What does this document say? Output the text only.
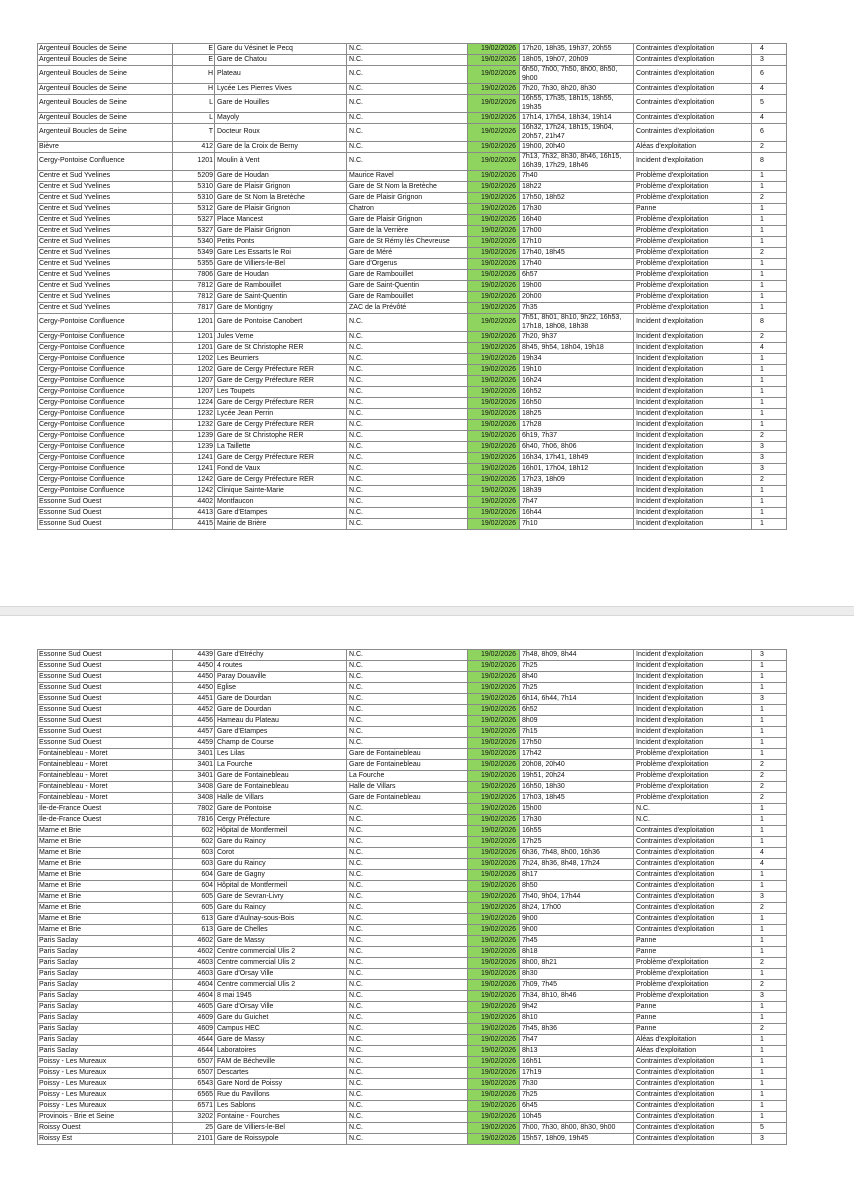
Argenteuil Boucles de Seine	E	Gare du Vésinet le Pecq	N.C.	19/02/2026	17h20, 18h35, 19h37, 20h55	Contraintes d'exploitation	4
Argenteuil Boucles de Seine	E	Gare de Chatou	N.C.	19/02/2026	18h05, 19h07, 20h09	Contraintes d'exploitation	3
Argenteuil Boucles de Seine	H	Plateau	N.C.	19/02/2026	6h50, 7h00, 7h50, 8h00, 8h50, 9h00	Contraintes d'exploitation	6
Argenteuil Boucles de Seine	H	Lycée Les Pierres Vives	N.C.	19/02/2026	7h20, 7h30, 8h20, 8h30	Contraintes d'exploitation	4
Argenteuil Boucles de Seine	L	Gare de Houilles	N.C.	19/02/2026	16h55, 17h35, 18h15, 18h55, 19h35	Contraintes d'exploitation	5
Argenteuil Boucles de Seine	L	Mayoly	N.C.	19/02/2026	17h14, 17h54, 18h34, 19h14	Contraintes d'exploitation	4
Argenteuil Boucles de Seine	T	Docteur Roux	N.C.	19/02/2026	16h32, 17h24, 18h15, 19h04, 20h57, 21h47	Contraintes d'exploitation	6
Bièvre	412	Gare de la Croix de Berny	N.C.	19/02/2026	19h00, 20h40	Aléas d'exploitation	2
Cergy-Pontoise Confluence	1201	Moulin à Vent	N.C.	19/02/2026	7h13, 7h32, 8h30, 8h46, 16h15, 16h39, 17h29, 18h46	Incident d'exploitation	8
Centre et Sud Yvelines	5209	Gare de Houdan	Maurice Ravel	19/02/2026	7h40	Problème d'exploitation	1
Centre et Sud Yvelines	5310	Gare de Plaisir Grignon	Gare de St Nom la Bretèche	19/02/2026	18h22	Problème d'exploitation	1
Centre et Sud Yvelines	5310	Gare de St Nom la Bretèche	Gare de Plaisir Grignon	19/02/2026	17h50, 18h52	Problème d'exploitation	2
Centre et Sud Yvelines	5312	Gare de Plaisir Grignon	Chatron	19/02/2026	17h30	Panne	1
Centre et Sud Yvelines	5327	Place Mancest	Gare de Plaisir Grignon	19/02/2026	16h40	Problème d'exploitation	1
Centre et Sud Yvelines	5327	Gare de Plaisir Grignon	Gare de la Verrière	19/02/2026	17h00	Problème d'exploitation	1
Centre et Sud Yvelines	5340	Petits Ponts	Gare de St Rémy lès Chevreuse	19/02/2026	17h10	Problème d'exploitation	1
Centre et Sud Yvelines	5349	Gare Les Essarts le Roi	Gare de Méré	19/02/2026	17h40, 18h45	Problème d'exploitation	2
Centre et Sud Yvelines	5355	Gare de Villiers-le-Bel	Gare d'Orgerus	19/02/2026	17h40	Problème d'exploitation	1
Centre et Sud Yvelines	7806	Gare de Houdan	Gare de Rambouillet	19/02/2026	6h57	Problème d'exploitation	1
Centre et Sud Yvelines	7812	Gare de Rambouillet	Gare de Saint-Quentin	19/02/2026	19h00	Problème d'exploitation	1
Centre et Sud Yvelines	7812	Gare de Saint-Quentin	Gare de Rambouillet	19/02/2026	20h00	Problème d'exploitation	1
Centre et Sud Yvelines	7817	Gare de Montigny	ZAC de la Prévôté	19/02/2026	7h35	Problème d'exploitation	1
Cergy-Pontoise Confluence	1201	Gare de Pontoise Canobert	N.C.	19/02/2026	7h51, 8h01, 8h10, 9h22, 16h53, 17h18, 18h08, 18h38	Incident d'exploitation	8
Cergy-Pontoise Confluence	1201	Jules Verne	N.C.	19/02/2026	7h20, 9h37	Incident d'exploitation	2
Cergy-Pontoise Confluence	1201	Gare de St Christophe RER	N.C.	19/02/2026	8h45, 9h54, 18h04, 19h18	Incident d'exploitation	4
Cergy-Pontoise Confluence	1202	Les Beurriers	N.C.	19/02/2026	19h34	Incident d'exploitation	1
Cergy-Pontoise Confluence	1202	Gare de Cergy Préfecture RER	N.C.	19/02/2026	19h10	Incident d'exploitation	1
Cergy-Pontoise Confluence	1207	Gare de Cergy Préfecture RER	N.C.	19/02/2026	16h24	Incident d'exploitation	1
Cergy-Pontoise Confluence	1207	Les Toupets	N.C.	19/02/2026	16h52	Incident d'exploitation	1
Cergy-Pontoise Confluence	1224	Gare de Cergy Préfecture RER	N.C.	19/02/2026	16h50	Incident d'exploitation	1
Cergy-Pontoise Confluence	1232	Lycée Jean Perrin	N.C.	19/02/2026	18h25	Incident d'exploitation	1
Cergy-Pontoise Confluence	1232	Gare de Cergy Préfecture RER	N.C.	19/02/2026	17h28	Incident d'exploitation	1
Cergy-Pontoise Confluence	1239	Gare de St Christophe RER	N.C.	19/02/2026	6h19, 7h37	Incident d'exploitation	2
Cergy-Pontoise Confluence	1239	La Taillette	N.C.	19/02/2026	6h40, 7h06, 8h06	Incident d'exploitation	3
Cergy-Pontoise Confluence	1241	Gare de Cergy Préfecture RER	N.C.	19/02/2026	16h34, 17h41, 18h49	Incident d'exploitation	3
Cergy-Pontoise Confluence	1241	Fond de Vaux	N.C.	19/02/2026	16h01, 17h04, 18h12	Incident d'exploitation	3
Cergy-Pontoise Confluence	1242	Gare de Cergy Préfecture RER	N.C.	19/02/2026	17h23, 18h09	Incident d'exploitation	2
Cergy-Pontoise Confluence	1242	Clinique Sainte-Marie	N.C.	19/02/2026	18h39	Incident d'exploitation	1
Essonne Sud Ouest	4402	Montfaucon	N.C.	19/02/2026	7h47	Incident d'exploitation	1
Essonne Sud Ouest	4413	Gare d'Etampes	N.C.	19/02/2026	16h44	Incident d'exploitation	1
Essonne Sud Ouest	4415	Mairie de Brière	N.C.	19/02/2026	7h10	Incident d'exploitation	1
Essonne Sud Ouest	4439	Gare d'Etréchy	N.C.	19/02/2026	7h48, 8h09, 8h44	Incident d'exploitation	3
Essonne Sud Ouest	4450	4 routes	N.C.	19/02/2026	7h25	Incident d'exploitation	1
Essonne Sud Ouest	4450	Paray Douaville	N.C.	19/02/2026	8h40	Incident d'exploitation	1
Essonne Sud Ouest	4450	Eglise	N.C.	19/02/2026	7h25	Incident d'exploitation	1
Essonne Sud Ouest	4451	Gare de Dourdan	N.C.	19/02/2026	6h14, 6h44, 7h14	Incident d'exploitation	3
Essonne Sud Ouest	4452	Gare de Dourdan	N.C.	19/02/2026	6h52	Incident d'exploitation	1
Essonne Sud Ouest	4456	Hameau du Plateau	N.C.	19/02/2026	8h09	Incident d'exploitation	1
Essonne Sud Ouest	4457	Gare d'Etampes	N.C.	19/02/2026	7h15	Incident d'exploitation	1
Essonne Sud Ouest	4459	Champ de Course	N.C.	19/02/2026	17h50	Incident d'exploitation	1
Fontainebleau - Moret	3401	Les Lilas	Gare de Fontainebleau	19/02/2026	17h42	Problème d'exploitation	1
Fontainebleau - Moret	3401	La Fourche	Gare de Fontainebleau	19/02/2026	20h08, 20h40	Problème d'exploitation	2
Fontainebleau - Moret	3401	Gare de Fontainebleau	La Fourche	19/02/2026	19h51, 20h24	Problème d'exploitation	2
Fontainebleau - Moret	3408	Gare de Fontainebleau	Halle de Villars	19/02/2026	16h50, 18h30	Problème d'exploitation	2
Fontainebleau - Moret	3408	Halle de Villars	Gare de Fontainebleau	19/02/2026	17h03, 18h45	Problème d'exploitation	2
Ile-de-France Ouest	7802	Gare de Pontoise	N.C.	19/02/2026	15h00	N.C.	1
Ile-de-France Ouest	7816	Cergy Préfecture	N.C.	19/02/2026	17h30	N.C.	1
Marne et Brie	602	Hôpital de Montfermeil	N.C.	19/02/2026	16h55	Contraintes d'exploitation	1
Marne et Brie	602	Gare du Raincy	N.C.	19/02/2026	17h25	Contraintes d'exploitation	1
Marne et Brie	603	Corot	N.C.	19/02/2026	6h36, 7h48, 8h00, 16h36	Contraintes d'exploitation	4
Marne et Brie	603	Gare du Raincy	N.C.	19/02/2026	7h24, 8h36, 8h48, 17h24	Contraintes d'exploitation	4
Marne et Brie	604	Gare de Gagny	N.C.	19/02/2026	8h17	Contraintes d'exploitation	1
Marne et Brie	604	Hôpital de Montfermeil	N.C.	19/02/2026	8h50	Contraintes d'exploitation	1
Marne et Brie	605	Gare de Sevran-Livry	N.C.	19/02/2026	7h40, 9h04, 17h44	Contraintes d'exploitation	3
Marne et Brie	605	Gare du Raincy	N.C.	19/02/2026	8h24, 17h00	Contraintes d'exploitation	2
Marne et Brie	613	Gare d'Aulnay-sous-Bois	N.C.	19/02/2026	9h00	Contraintes d'exploitation	1
Marne et Brie	613	Gare de Chelles	N.C.	19/02/2026	9h00	Contraintes d'exploitation	1
Paris Saclay	4602	Gare de Massy	N.C.	19/02/2026	7h45	Panne	1
Paris Saclay	4602	Centre commercial Ulis 2	N.C.	19/02/2026	8h18	Panne	1
Paris Saclay	4603	Centre commercial Ulis 2	N.C.	19/02/2026	8h00, 8h21	Problème d'exploitation	2
Paris Saclay	4603	Gare d'Orsay Ville	N.C.	19/02/2026	8h30	Problème d'exploitation	1
Paris Saclay	4604	Centre commercial Ulis 2	N.C.	19/02/2026	7h09, 7h45	Problème d'exploitation	2
Paris Saclay	4604	8 mai 1945	N.C.	19/02/2026	7h34, 8h10, 8h46	Problème d'exploitation	3
Paris Saclay	4605	Gare d'Orsay Ville	N.C.	19/02/2026	9h42	Panne	1
Paris Saclay	4609	Gare du Guichet	N.C.	19/02/2026	8h10	Panne	1
Paris Saclay	4609	Campus HEC	N.C.	19/02/2026	7h45, 8h36	Panne	2
Paris Saclay	4644	Gare de Massy	N.C.	19/02/2026	7h47	Aléas d'exploitation	1
Paris Saclay	4644	Laboratoires	N.C.	19/02/2026	8h13	Aléas d'exploitation	1
Poissy - Les Mureaux	6507	FAM de Bécheville	N.C.	19/02/2026	16h51	Contraintes d'exploitation	1
Poissy - Les Mureaux	6507	Descartes	N.C.	19/02/2026	17h19	Contraintes d'exploitation	1
Poissy - Les Mureaux	6543	Gare Nord de Poissy	N.C.	19/02/2026	7h30	Contraintes d'exploitation	1
Poissy - Les Mureaux	6565	Rue du Pavillons	N.C.	19/02/2026	7h25	Contraintes d'exploitation	1
Poissy - Les Mureaux	6571	Les Sablons	N.C.	19/02/2026	6h45	Contraintes d'exploitation	1
Provinois - Brie et Seine	3202	Fontaine - Fourches	N.C.	19/02/2026	10h45	Contraintes d'exploitation	1
Roissy Ouest	25	Gare de Villiers-le-Bel	N.C.	19/02/2026	7h00, 7h30, 8h00, 8h30, 9h00	Contraintes d'exploitation	5
Roissy Est	2101	Gare de Roissypole	N.C.	19/02/2026	15h57, 18h09, 19h45	Contraintes d'exploitation	3
